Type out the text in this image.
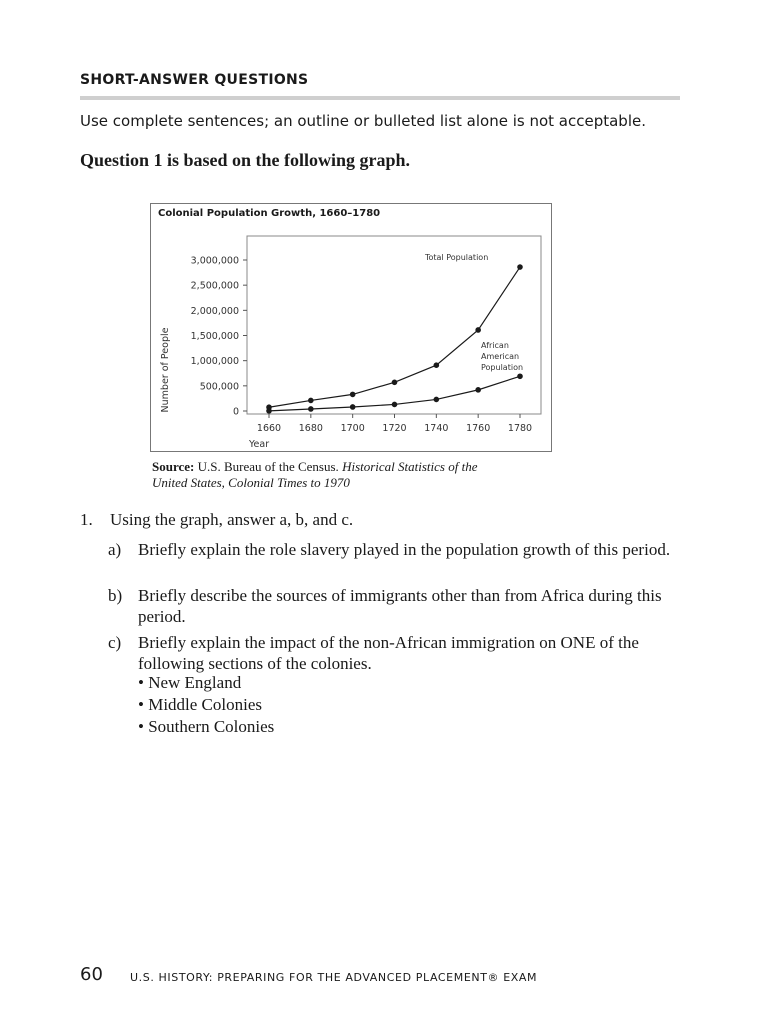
SHORT-ANSWER QUESTIONS

Use complete sentences; an outline or bulleted list alone is not acceptable.

Question 1 is based on the following graph.

Colonial Population Growth, 1660–1780
0
500,000
1,000,000
1,500,000
2,000,000
2,500,000
3,000,000
1660 1680 1700 1720 1740 1760 1780
Year
Number of People
Total Population
African
American
Population
Source: U.S. Bureau of the Census. Historical Statistics of the
United States, Colonial Times to 1970
1. Using the graph, answer a, b, and c.
a) Briefly explain the role slavery played in the population growth of this period.
b) Briefly describe the sources of immigrants other than from Africa during this period.
c) Briefly explain the impact of the non-African immigration on ONE of the following sections of the colonies.
• New England
• Middle Colonies
• Southern Colonies
60 U.S. HISTORY: PREPARING FOR THE ADVANCED PLACEMENT® EXAM
